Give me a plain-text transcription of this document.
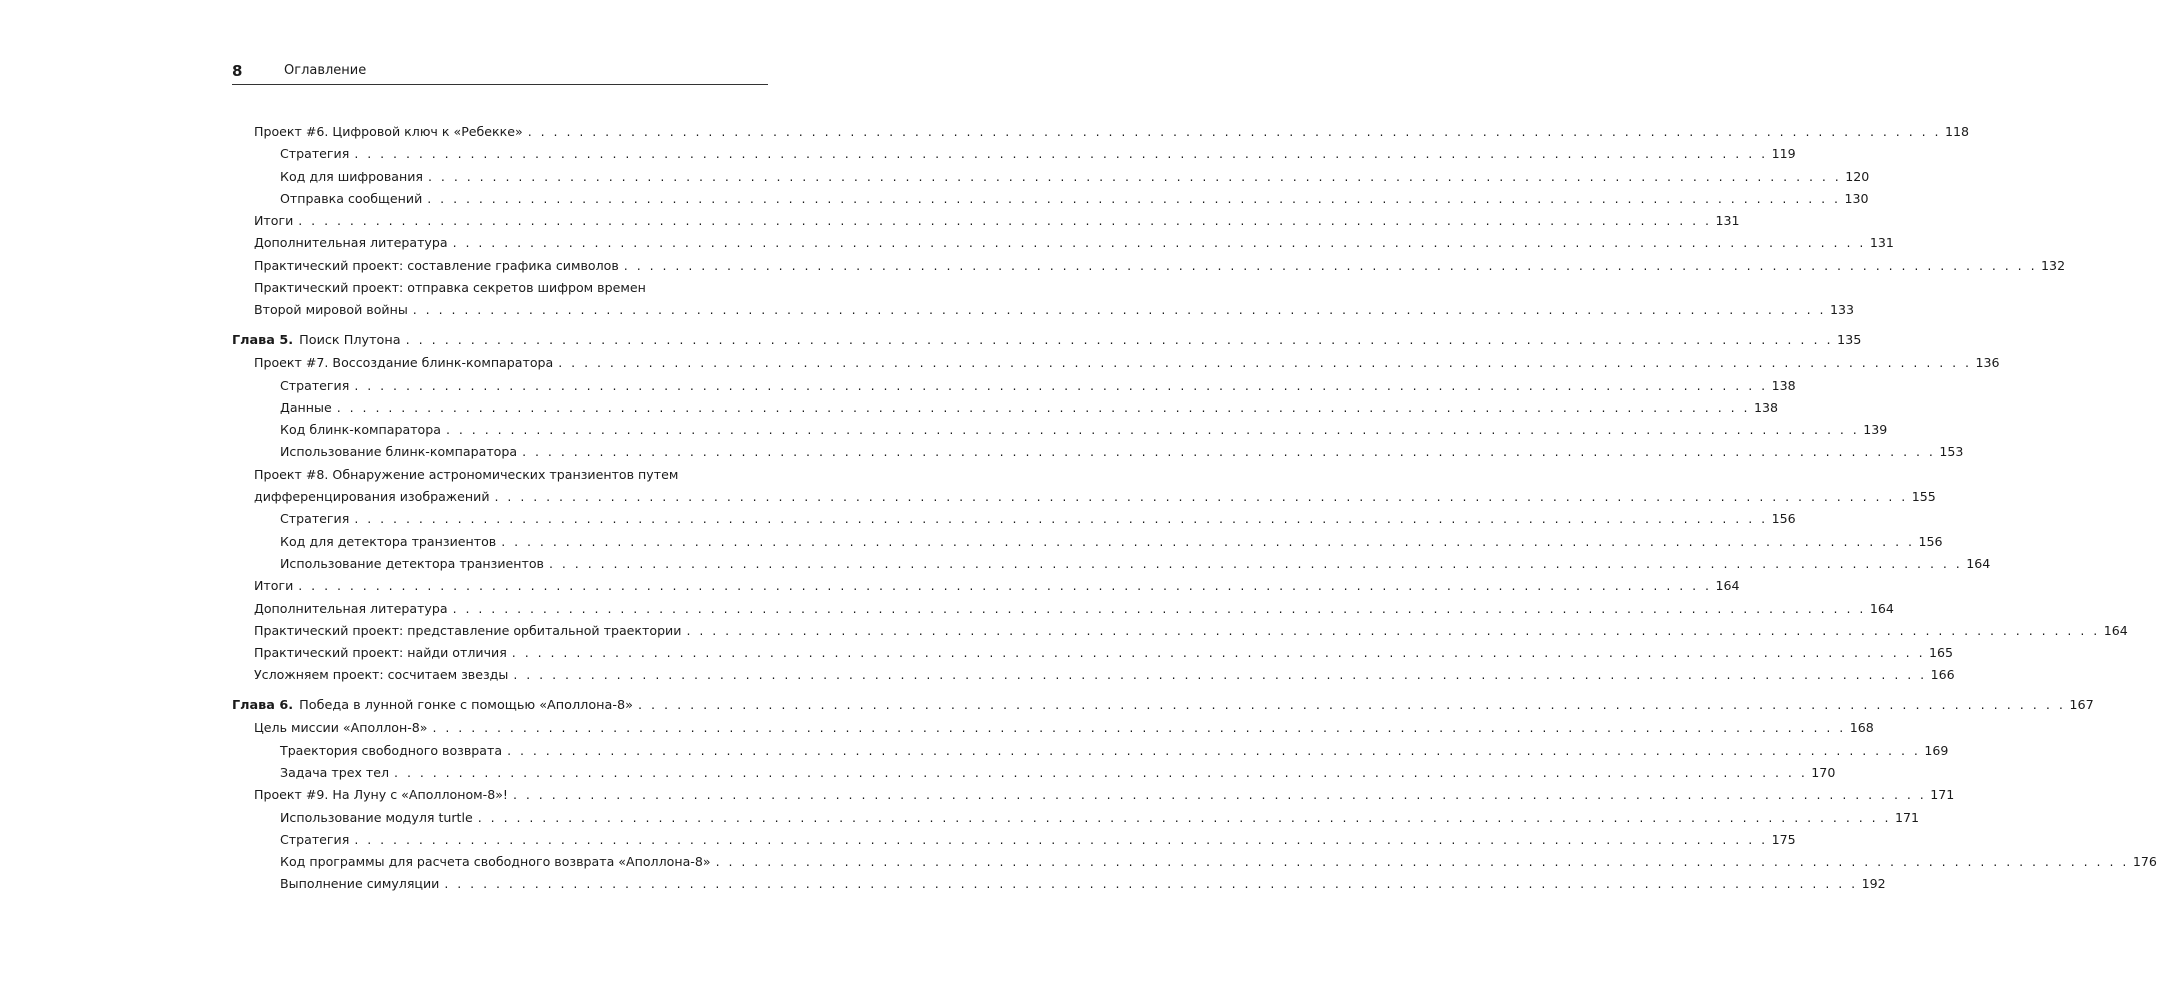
8	Оглавление
Проект #6. Цифровой ключ к «Ребекке» . . . . . . . . . . . . . . . . . . . . . . . . . . . . . . . . . . . . . . . . . . . . . . . . . . . . . . . . . . . . . . . . . . . . . . . . . . . . . . . . . . . . . . . . . . . . . . . . . . . . . . . . . . . . . . 118
Стратегия . . . . . . . . . . . . . . . . . . . . . . . . . . . . . . . . . . . . . . . . . . . . . . . . . . . . . . . . . . . . . . . . . . . . . . . . . . . . . . . . . . . . . . . . . . . . . . . . . . . . . . . . . . . . . . 119
Код для шифрования . . . . . . . . . . . . . . . . . . . . . . . . . . . . . . . . . . . . . . . . . . . . . . . . . . . . . . . . . . . . . . . . . . . . . . . . . . . . . . . . . . . . . . . . . . . . . . . . . . . . . . . . . . . . . . 120
Отправка сообщений . . . . . . . . . . . . . . . . . . . . . . . . . . . . . . . . . . . . . . . . . . . . . . . . . . . . . . . . . . . . . . . . . . . . . . . . . . . . . . . . . . . . . . . . . . . . . . . . . . . . . . . . . . . . . . 130
Итоги . . . . . . . . . . . . . . . . . . . . . . . . . . . . . . . . . . . . . . . . . . . . . . . . . . . . . . . . . . . . . . . . . . . . . . . . . . . . . . . . . . . . . . . . . . . . . . . . . . . . . . . . . . . . . . 131
Дополнительная литература . . . . . . . . . . . . . . . . . . . . . . . . . . . . . . . . . . . . . . . . . . . . . . . . . . . . . . . . . . . . . . . . . . . . . . . . . . . . . . . . . . . . . . . . . . . . . . . . . . . . . . . . . . . . . . 131
Практический проект: составление графика символов . . . . . . . . . . . . . . . . . . . . . . . . . . . . . . . . . . . . . . . . . . . . . . . . . . . . . . . . . . . . . . . . . . . . . . . . . . . . . . . . . . . . . . . . . . . . . . . . . . . . . . . . . . . . . . 132
Практический проект: отправка секретов шифром времен
Второй мировой войны . . . . . . . . . . . . . . . . . . . . . . . . . . . . . . . . . . . . . . . . . . . . . . . . . . . . . . . . . . . . . . . . . . . . . . . . . . . . . . . . . . . . . . . . . . . . . . . . . . . . . . . . . . . . . . 133
Глава 5. Поиск Плутона . . . . . . . . . . . . . . . . . . . . . . . . . . . . . . . . . . . . . . . . . . . . . . . . . . . . . . . . . . . . . . . . . . . . . . . . . . . . . . . . . . . . . . . . . . . . . . . . . . . . . . . . . . . . . . 135
Проект #7. Воссоздание блинк-компаратора . . . . . . . . . . . . . . . . . . . . . . . . . . . . . . . . . . . . . . . . . . . . . . . . . . . . . . . . . . . . . . . . . . . . . . . . . . . . . . . . . . . . . . . . . . . . . . . . . . . . . . . . . . . . . . 136
Стратегия . . . . . . . . . . . . . . . . . . . . . . . . . . . . . . . . . . . . . . . . . . . . . . . . . . . . . . . . . . . . . . . . . . . . . . . . . . . . . . . . . . . . . . . . . . . . . . . . . . . . . . . . . . . . . . 138
Данные . . . . . . . . . . . . . . . . . . . . . . . . . . . . . . . . . . . . . . . . . . . . . . . . . . . . . . . . . . . . . . . . . . . . . . . . . . . . . . . . . . . . . . . . . . . . . . . . . . . . . . . . . . . . . . 138
Код блинк-компаратора . . . . . . . . . . . . . . . . . . . . . . . . . . . . . . . . . . . . . . . . . . . . . . . . . . . . . . . . . . . . . . . . . . . . . . . . . . . . . . . . . . . . . . . . . . . . . . . . . . . . . . . . . . . . . . 139
Использование блинк-компаратора . . . . . . . . . . . . . . . . . . . . . . . . . . . . . . . . . . . . . . . . . . . . . . . . . . . . . . . . . . . . . . . . . . . . . . . . . . . . . . . . . . . . . . . . . . . . . . . . . . . . . . . . . . . . . . 153
Проект #8. Обнаружение астрономических транзиентов путем
дифференцирования изображений . . . . . . . . . . . . . . . . . . . . . . . . . . . . . . . . . . . . . . . . . . . . . . . . . . . . . . . . . . . . . . . . . . . . . . . . . . . . . . . . . . . . . . . . . . . . . . . . . . . . . . . . . . . . . . 155
Стратегия . . . . . . . . . . . . . . . . . . . . . . . . . . . . . . . . . . . . . . . . . . . . . . . . . . . . . . . . . . . . . . . . . . . . . . . . . . . . . . . . . . . . . . . . . . . . . . . . . . . . . . . . . . . . . . 156
Код для детектора транзиентов . . . . . . . . . . . . . . . . . . . . . . . . . . . . . . . . . . . . . . . . . . . . . . . . . . . . . . . . . . . . . . . . . . . . . . . . . . . . . . . . . . . . . . . . . . . . . . . . . . . . . . . . . . . . . . 156
Использование детектора транзиентов . . . . . . . . . . . . . . . . . . . . . . . . . . . . . . . . . . . . . . . . . . . . . . . . . . . . . . . . . . . . . . . . . . . . . . . . . . . . . . . . . . . . . . . . . . . . . . . . . . . . . . . . . . . . . . 164
Итоги . . . . . . . . . . . . . . . . . . . . . . . . . . . . . . . . . . . . . . . . . . . . . . . . . . . . . . . . . . . . . . . . . . . . . . . . . . . . . . . . . . . . . . . . . . . . . . . . . . . . . . . . . . . . . . 164
Дополнительная литература . . . . . . . . . . . . . . . . . . . . . . . . . . . . . . . . . . . . . . . . . . . . . . . . . . . . . . . . . . . . . . . . . . . . . . . . . . . . . . . . . . . . . . . . . . . . . . . . . . . . . . . . . . . . . . 164
Практический проект: представление орбитальной траектории . . . . . . . . . . . . . . . . . . . . . . . . . . . . . . . . . . . . . . . . . . . . . . . . . . . . . . . . . . . . . . . . . . . . . . . . . . . . . . . . . . . . . . . . . . . . . . . . . . . . . . . . . . . . . . 164
Практический проект: найди отличия . . . . . . . . . . . . . . . . . . . . . . . . . . . . . . . . . . . . . . . . . . . . . . . . . . . . . . . . . . . . . . . . . . . . . . . . . . . . . . . . . . . . . . . . . . . . . . . . . . . . . . . . . . . . . . 165
Усложняем проект: сосчитаем звезды . . . . . . . . . . . . . . . . . . . . . . . . . . . . . . . . . . . . . . . . . . . . . . . . . . . . . . . . . . . . . . . . . . . . . . . . . . . . . . . . . . . . . . . . . . . . . . . . . . . . . . . . . . . . . . 166
Глава 6. Победа в лунной гонке с помощью «Аполлона-8» . . . . . . . . . . . . . . . . . . . . . . . . . . . . . . . . . . . . . . . . . . . . . . . . . . . . . . . . . . . . . . . . . . . . . . . . . . . . . . . . . . . . . . . . . . . . . . . . . . . . . . . . . . . . . . 167
Цель миссии «Аполлон-8» . . . . . . . . . . . . . . . . . . . . . . . . . . . . . . . . . . . . . . . . . . . . . . . . . . . . . . . . . . . . . . . . . . . . . . . . . . . . . . . . . . . . . . . . . . . . . . . . . . . . . . . . . . . . . . 168
Траектория свободного возврата . . . . . . . . . . . . . . . . . . . . . . . . . . . . . . . . . . . . . . . . . . . . . . . . . . . . . . . . . . . . . . . . . . . . . . . . . . . . . . . . . . . . . . . . . . . . . . . . . . . . . . . . . . . . . . 169
Задача трех тел . . . . . . . . . . . . . . . . . . . . . . . . . . . . . . . . . . . . . . . . . . . . . . . . . . . . . . . . . . . . . . . . . . . . . . . . . . . . . . . . . . . . . . . . . . . . . . . . . . . . . . . . . . . . . . 170
Проект #9. На Луну с «Аполлоном-8»! . . . . . . . . . . . . . . . . . . . . . . . . . . . . . . . . . . . . . . . . . . . . . . . . . . . . . . . . . . . . . . . . . . . . . . . . . . . . . . . . . . . . . . . . . . . . . . . . . . . . . . . . . . . . . . 171
Использование модуля turtle . . . . . . . . . . . . . . . . . . . . . . . . . . . . . . . . . . . . . . . . . . . . . . . . . . . . . . . . . . . . . . . . . . . . . . . . . . . . . . . . . . . . . . . . . . . . . . . . . . . . . . . . . . . . . . 171
Стратегия . . . . . . . . . . . . . . . . . . . . . . . . . . . . . . . . . . . . . . . . . . . . . . . . . . . . . . . . . . . . . . . . . . . . . . . . . . . . . . . . . . . . . . . . . . . . . . . . . . . . . . . . . . . . . . 175
Код программы для расчета свободного возврата «Аполлона-8» . . . . . . . . . . . . . . . . . . . . . . . . . . . . . . . . . . . . . . . . . . . . . . . . . . . . . . . . . . . . . . . . . . . . . . . . . . . . . . . . . . . . . . . . . . . . . . . . . . . . . . . . . . . . . . 176
Выполнение симуляции . . . . . . . . . . . . . . . . . . . . . . . . . . . . . . . . . . . . . . . . . . . . . . . . . . . . . . . . . . . . . . . . . . . . . . . . . . . . . . . . . . . . . . . . . . . . . . . . . . . . . . . . . . . . . . 192
